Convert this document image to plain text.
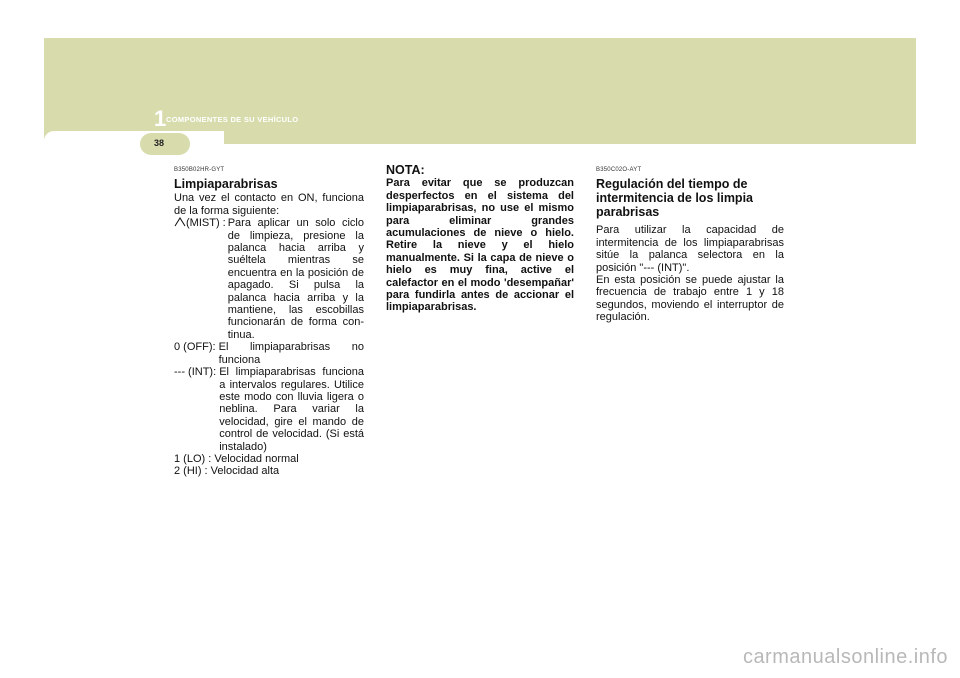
1 COMPONENTES DE SU VEHÍCULO
38
B350B02HR-GYT
Limpiaparabrisas

Una vez el contacto en ON, funciona de la forma siguiente:

(MIST) : Para aplicar un solo ciclo de limpieza, presione la palanca hacia arriba y suéltela mientras se encuentra en la posición de apagado. Si pulsa la palanca hacia arriba y la mantiene, las escobillas funcionarán de forma con-tinua.
0 (OFF): El limpiaparabrisas no funciona
--- (INT): El limpiaparabrisas funciona a intervalos regulares. Utilice este modo con lluvia ligera o neblina. Para variar la velocidad, gire el mando de control de velocidad. (Si está instalado)
1 (LO) : Velocidad normal
2 (HI) : Velocidad alta
NOTA:
Para evitar que se produzcan desperfectos en el sistema del limpiaparabrisas, no use el mismo para eliminar grandes acumulaciones de nieve o hielo. Retire la nieve y el hielo manualmente. Si la capa de nieve o hielo es muy fina, active el calefactor en el modo 'desempañar' para fundirla antes de accionar el limpiaparabrisas.
B350C02O-AYT
Regulación del tiempo de intermitencia de los limpia parabrisas

Para utilizar la capacidad de intermitencia de los limpiaparabrisas sitúe la palanca selectora en la posición "--- (INT)".

En esta posición se puede ajustar la frecuencia de trabajo entre 1 y 18 segundos, moviendo el interruptor de regulación.

carmanualsonline.info
